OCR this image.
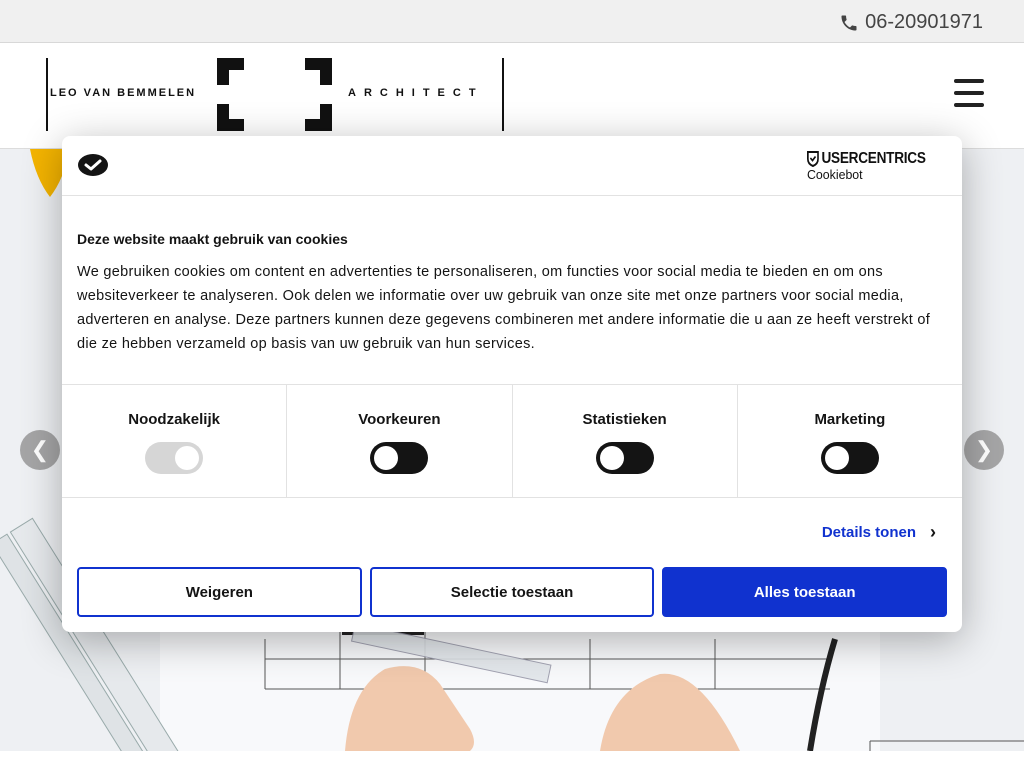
06-20901971
LEO VAN BEMMELEN	ARCHITECT
❮	❯
USERCENTRICS
Cookiebot
Deze website maakt gebruik van cookies
We gebruiken cookies om content en advertenties te personaliseren, om functies voor social media te bieden en om ons websiteverkeer te analyseren. Ook delen we informatie over uw gebruik van onze site met onze partners voor social media, adverteren en analyse. Deze partners kunnen deze gegevens combineren met andere informatie die u aan ze heeft verstrekt of die ze hebben verzameld op basis van uw gebruik van hun services.
Noodzakelijk	Voorkeuren	Statistieken	Marketing
Details tonen ›
Weigeren	Selectie toestaan	Alles toestaan
